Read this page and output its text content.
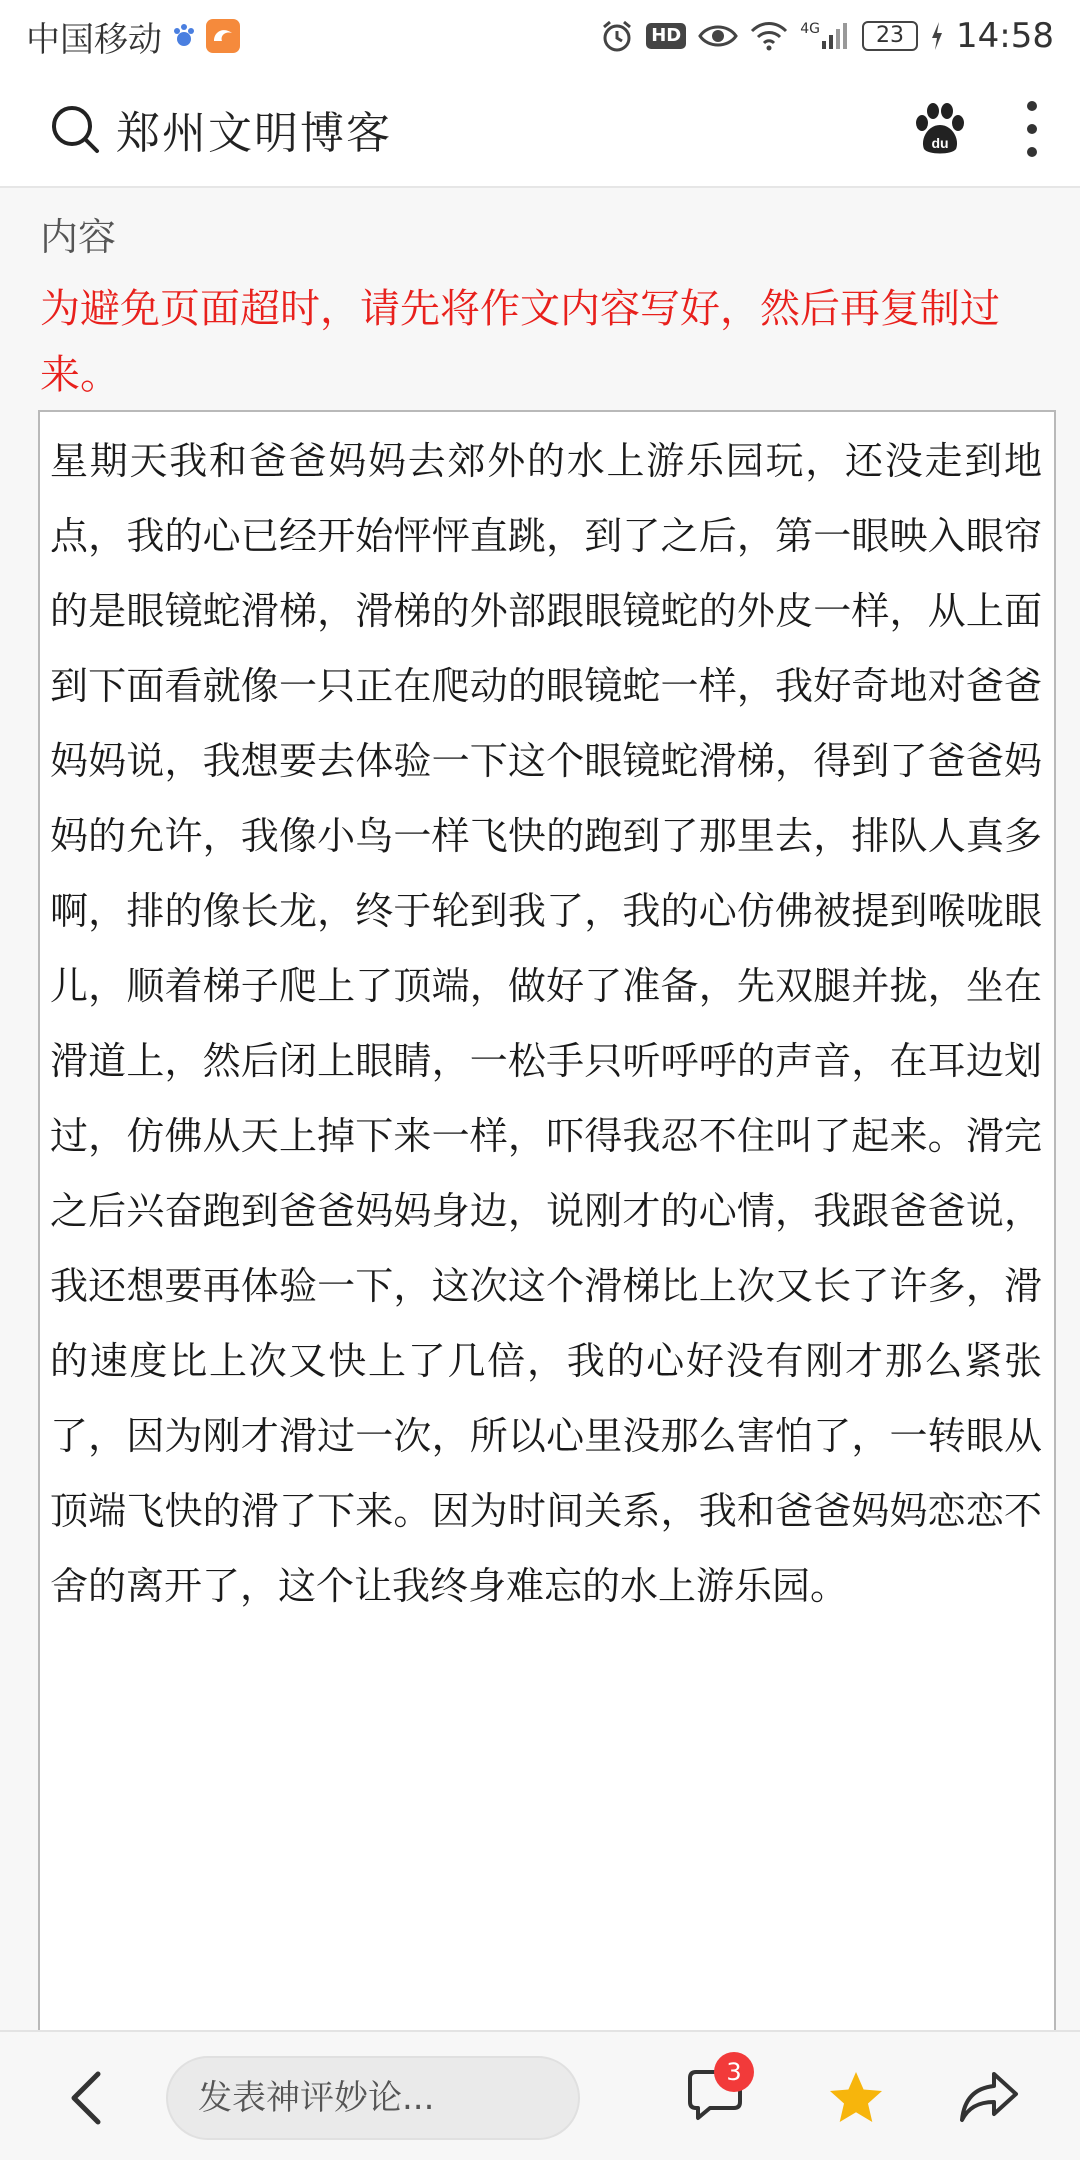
中国移动	HD	4G	23	14:58
郑州文明博客	du
内容
为避免页面超时，请先将作文内容写好，然后再复制过来。
星期天我和爸爸妈妈去郊外的水上游乐园玩，还没走到地点，我的心已经开始怦怦直跳，到了之后，第一眼映入眼帘的是眼镜蛇滑梯，滑梯的外部跟眼镜蛇的外皮一样，从上面到下面看就像一只正在爬动的眼镜蛇一样，我好奇地对爸爸妈妈说，我想要去体验一下这个眼镜蛇滑梯，得到了爸爸妈妈的允许，我像小鸟一样飞快的跑到了那里去，排队人真多啊，排的像长龙，终于轮到我了，我的心仿佛被提到喉咙眼儿，顺着梯子爬上了顶端，做好了准备，先双腿并拢，坐在滑道上，然后闭上眼睛，一松手只听呼呼的声音，在耳边划过，仿佛从天上掉下来一样，吓得我忍不住叫了起来。滑完之后兴奋跑到爸爸妈妈身边，说刚才的心情，我跟爸爸说，我还想要再体验一下，这次这个滑梯比上次又长了许多，滑的速度比上次又快上了几倍，我的心好没有刚才那么紧张了，因为刚才滑过一次，所以心里没那么害怕了，一转眼从顶端飞快的滑了下来。因为时间关系，我和爸爸妈妈恋恋不舍的离开了，这个让我终身难忘的水上游乐园。
发表神评妙论...
3
